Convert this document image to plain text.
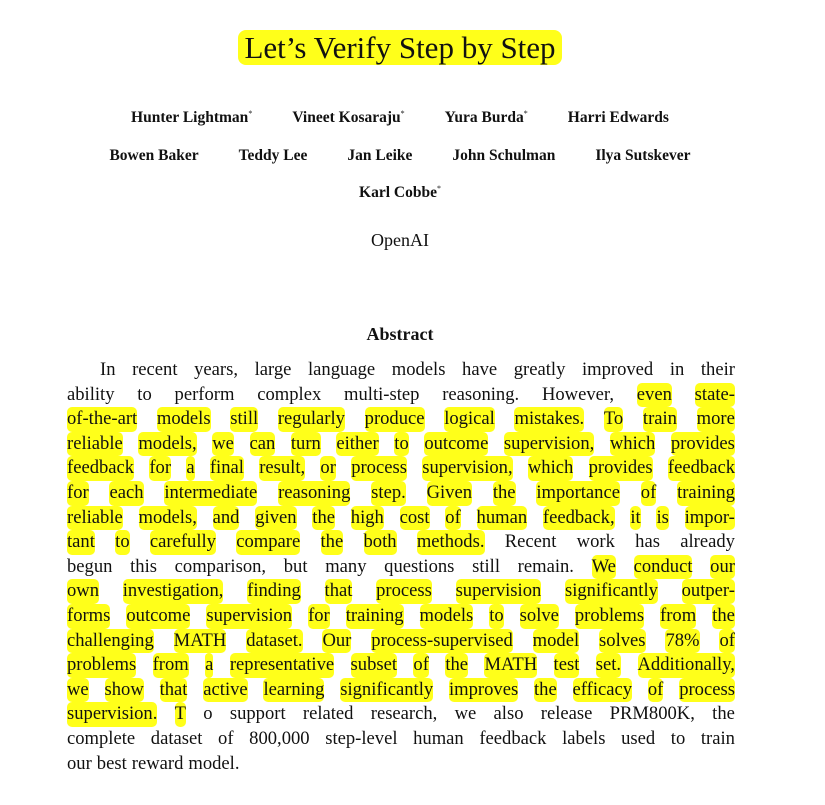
Let’s Verify Step by Step
Hunter Lightman*	Vineet Kosaraju*	Yura Burda*	Harri Edwards
Bowen Baker	Teddy Lee	Jan Leike	John Schulman	Ilya Sutskever
Karl Cobbe*
OpenAI
Abstract
In recent years, large language models have greatly improved in their
ability to perform complex multi-step reasoning. However, even state-
of-the-art models still regularly produce logical mistakes. To train more
reliable models, we can turn either to outcome supervision, which provides
feedback for a final result, or process supervision, which provides feedback
for each intermediate reasoning step. Given the importance of training
reliable models, and given the high cost of human feedback, it is impor-
tant to carefully compare the both methods. Recent work has already
begun this comparison, but many questions still remain. We conduct our
own investigation, finding that process supervision significantly outper-
forms outcome supervision for training models to solve problems from the
challenging MATH dataset. Our process-supervised model solves 78% of
problems from a representative subset of the MATH test set. Additionally,
we show that active learning significantly improves the efficacy of process
supervision. T o support related research, we also release PRM800K, the
complete dataset of 800,000 step-level human feedback labels used to train
our best reward model.
